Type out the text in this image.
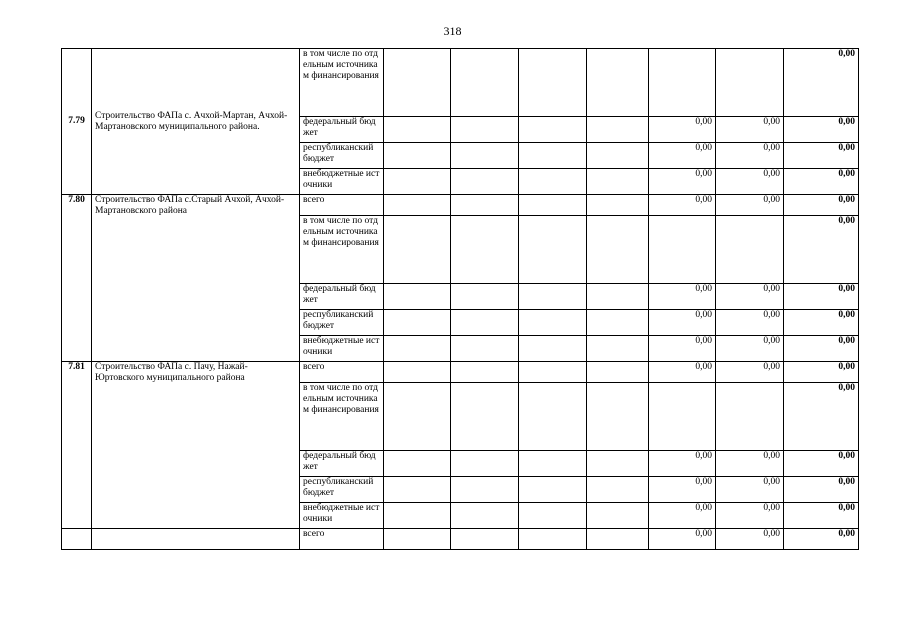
318
7.79	Строительство ФАПа с. Ачхой-Мартан, Ачхой-Мартановского муниципального района.	в том числе по отдельным источникам финансирования							0,00
		федеральный бюджет					0,00	0,00	0,00
		республиканский бюджет					0,00	0,00	0,00
		внебюджетные источники					0,00	0,00	0,00

7.80	Строительство ФАПа с.Старый Ачхой, Ачхой-Мартановского района	всего					0,00	0,00	0,00
		в том числе по отдельным источникам финансирования							0,00
		федеральный бюджет					0,00	0,00	0,00
		республиканский бюджет					0,00	0,00	0,00
		внебюджетные источники					0,00	0,00	0,00

7.81	Строительство ФАПа с. Пачу, Нажай-Юртовского муниципального района	всего					0,00	0,00	0,00
		в том числе по отдельным источникам финансирования							0,00
		федеральный бюджет					0,00	0,00	0,00
		республиканский бюджет					0,00	0,00	0,00
		внебюджетные источники					0,00	0,00	0,00
		всего					0,00	0,00	0,00
